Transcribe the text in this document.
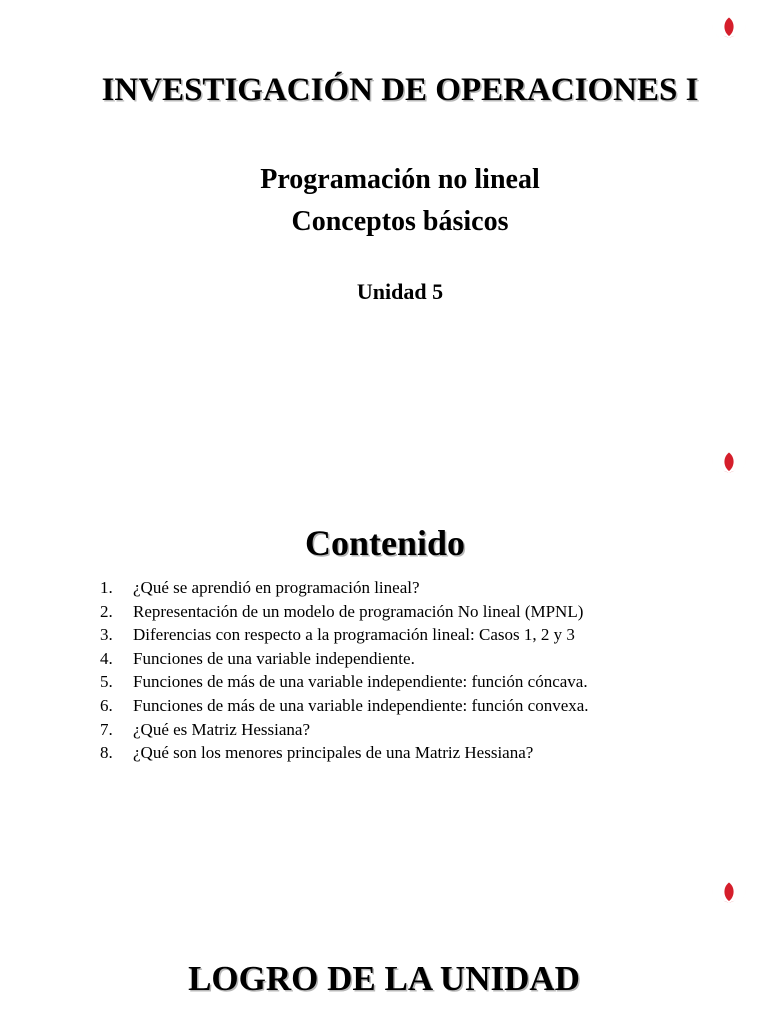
INVESTIGACIÓN DE OPERACIONES I
Programación no lineal
Conceptos básicos
Unidad 5
Contenido
1.	¿Qué se aprendió en programación lineal?
2.	Representación de un modelo de programación No lineal (MPNL)
3.	Diferencias con respecto a la programación lineal: Casos 1, 2 y 3
4.	Funciones de una variable independiente.
5.	Funciones de más de una variable independiente: función cóncava.
6.	Funciones de más de una variable independiente: función convexa.
7.	¿Qué es Matriz Hessiana?
8.	¿Qué son los menores principales de una Matriz Hessiana?
LOGRO DE LA UNIDAD
